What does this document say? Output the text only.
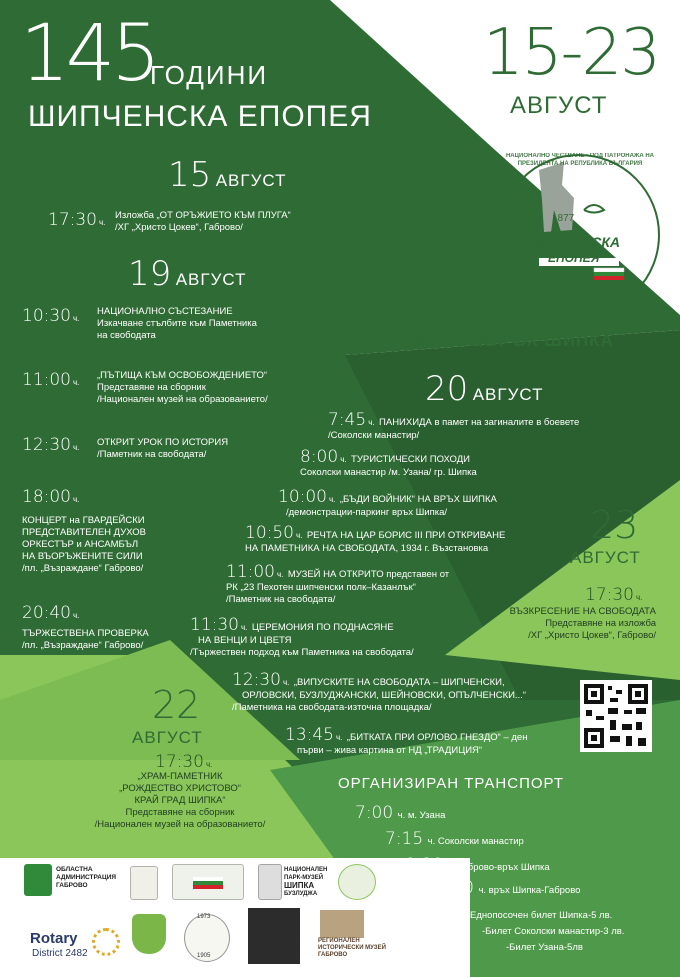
145
ГОДИНИ
ШИПЧЕНСКА ЕПОПЕЯ
15-23
АВГУСТ
НАЦИОНАЛНО ЧЕСТВАНЕ • ПОД ПАТРОНАЖА НА ПРЕЗИДЕНТА НА РЕПУБЛИКА БЪЛГАРИЯ
1877
ШИПЧЕНСКА
ЕПОПЕЯ
ГАБРОВО/ВРЪХ ШИПКА
15 АВГУСТ
17:30 ч.
Изложба „ОТ ОРЪЖИЕТО КЪМ ПЛУГА“
/ХГ „Христо Цокев“, Габрово/
19 АВГУСТ
10:30 ч.
НАЦИОНАЛНО СЪСТЕЗАНИЕ
Изкачване стълбите към Паметника
на свободата
11:00 ч.
„ПЪТИЩА КЪМ ОСВОБОЖДЕНИЕТО“
Представяне на сборник
/Национален музей на образованието/
12:30 ч. ОТКРИТ УРОК ПО ИСТОРИЯ
/Паметник на свободата/
18:00 ч.
КОНЦЕРТ на ГВАРДЕЙСКИ
ПРЕДСТАВИТЕЛЕН ДУХОВ
ОРКЕСТЪР и АНСАМБЪЛ
НА ВЪОРЪЖЕНИТЕ СИЛИ
/пл. „Възраждане“ Габрово/
20:40 ч.
ТЪРЖЕСТВЕНА ПРОВЕРКА
/пл. „Възраждане“ Габрово/
20 АВГУСТ
7:45 ч. ПАНИХИДА в памет на загиналите в боевете
/Соколски манастир/
8:00 ч. ТУРИСТИЧЕСКИ ПОХОДИ
Соколски манастир /м. Узана/ гр. Шипка
10:00 ч. „БЪДИ ВОЙНИК“ НА ВРЪХ ШИПКА
/демонстрации-паркинг връх Шипка/
10:50 ч. РЕЧТА НА ЦАР БОРИС III ПРИ ОТКРИВАНЕ
НА ПАМЕТНИКА НА СВОБОДАТА, 1934 г. Възстановка
11:00 ч. МУЗЕЙ НА ОТКРИТО представен от
РК „23 Пехотен шипченски полк–Казанлък“
/Паметник на свободата/
11:30 ч. ЦЕРЕМОНИЯ ПО ПОДНАСЯНЕ
НА ВЕНЦИ И ЦВЕТЯ
/Тържествен подход към Паметника на свободата/
12:30 ч. „ВИПУСКИТЕ НА СВОБОДАТА – ШИПЧЕНСКИ,
ОРЛОВСКИ, БУЗЛУДЖАНСКИ, ШЕЙНОВСКИ, ОПЪЛЧЕНСКИ...“
/Паметника на свободата-източна площадка/
13:45 ч. „БИТКАТА ПРИ ОРЛОВО ГНЕЗДО“ – ден
първи – жива картина от НД „ТРАДИЦИЯ“
23
АВГУСТ
17:30 ч.
ВЪЗКРЕСЕНИЕ НА СВОБОДАТА
Представяне на изложба
/ХГ „Христо Цокев“, Габрово/
22
АВГУСТ
17:30 ч.
„ХРАМ-ПАМЕТНИК
„РОЖДЕСТВО ХРИСТОВО“
КРАЙ ГРАД ШИПКА“
Представяне на сборник
/Национален музей на образованието/
ОРГАНИЗИРАН ТРАНСПОРТ
7:00 ч. м. Узана
7:15 ч. Соколски манастир
9:30 ч. Габрово-връх Шипка
15:00 ч. връх Шипка-Габрово
Еднопосочен билет Шипка-5 лв.
-Билет Соколски манастир-3 лв.
-Билет Узана-5лв
ОБЛАСТНА
АДМИНИСТРАЦИЯ
ГАБРОВО
НАЦИОНАЛЕН
ПАРК-МУЗЕЙ
ШИПКА
БУЗЛУДЖА
Rotary
District 2482
1973
1905
РЕГИОНАЛЕН
ИСТОРИЧЕСКИ МУЗЕЙ
ГАБРОВО
